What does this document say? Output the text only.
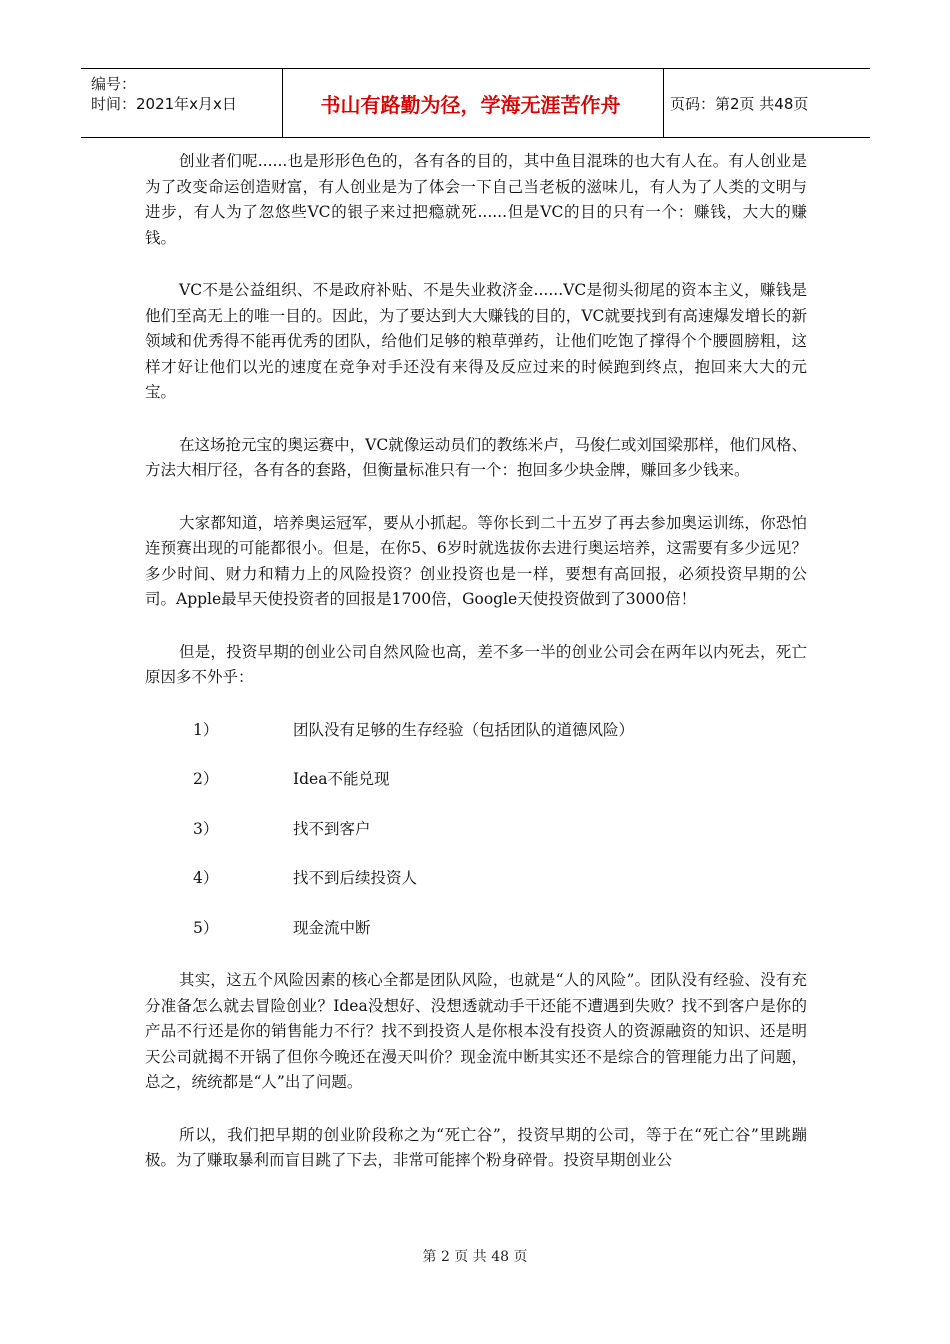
编号：
时间：2021年x月x日	书山有路勤为径，学海无涯苦作舟	页码：第2页 共48页

创业者们呢......也是形形色色的，各有各的目的，其中鱼目混珠的也大有人在。有人创业是为了改变命运创造财富，有人创业是为了体会一下自己当老板的滋味儿，有人为了人类的文明与进步，有人为了忽悠些VC的银子来过把瘾就死......但是VC的目的只有一个：赚钱，大大的赚钱。

VC不是公益组织、不是政府补贴、不是失业救济金......VC是彻头彻尾的资本主义，赚钱是他们至高无上的唯一目的。因此，为了要达到大大赚钱的目的，VC就要找到有高速爆发增长的新领域和优秀得不能再优秀的团队，给他们足够的粮草弹药，让他们吃饱了撑得个个腰圆膀粗，这样才好让他们以光的速度在竞争对手还没有来得及反应过来的时候跑到终点，抱回来大大的元宝。

在这场抢元宝的奥运赛中，VC就像运动员们的教练米卢，马俊仁或刘国梁那样，他们风格、方法大相厅径，各有各的套路，但衡量标准只有一个：抱回多少块金牌，赚回多少钱来。

大家都知道，培养奥运冠军，要从小抓起。等你长到二十五岁了再去参加奥运训练，你恐怕连预赛出现的可能都很小。但是，在你5、6岁时就选拔你去进行奥运培养，这需要有多少远见？多少时间、财力和精力上的风险投资？创业投资也是一样，要想有高回报，必须投资早期的公司。Apple最早天使投资者的回报是1700倍，Google天使投资做到了3000倍！

但是，投资早期的创业公司自然风险也高，差不多一半的创业公司会在两年以内死去，死亡原因多不外乎：

1）	团队没有足够的生存经验（包括团队的道德风险）
2）	Idea不能兑现
3）	找不到客户
4）	找不到后续投资人
5）	现金流中断

其实，这五个风险因素的核心全都是团队风险，也就是“人的风险”。团队没有经验、没有充分准备怎么就去冒险创业？Idea没想好、没想透就动手干还能不遭遇到失败？找不到客户是你的产品不行还是你的销售能力不行？找不到投资人是你根本没有投资人的资源融资的知识、还是明天公司就揭不开锅了但你今晚还在漫天叫价？现金流中断其实还不是综合的管理能力出了问题，总之，统统都是“人”出了问题。

所以，我们把早期的创业阶段称之为“死亡谷”，投资早期的公司，等于在“死亡谷”里跳蹦极。为了赚取暴利而盲目跳了下去，非常可能摔个粉身碎骨。投资早期创业公

第 2 页 共 48 页
